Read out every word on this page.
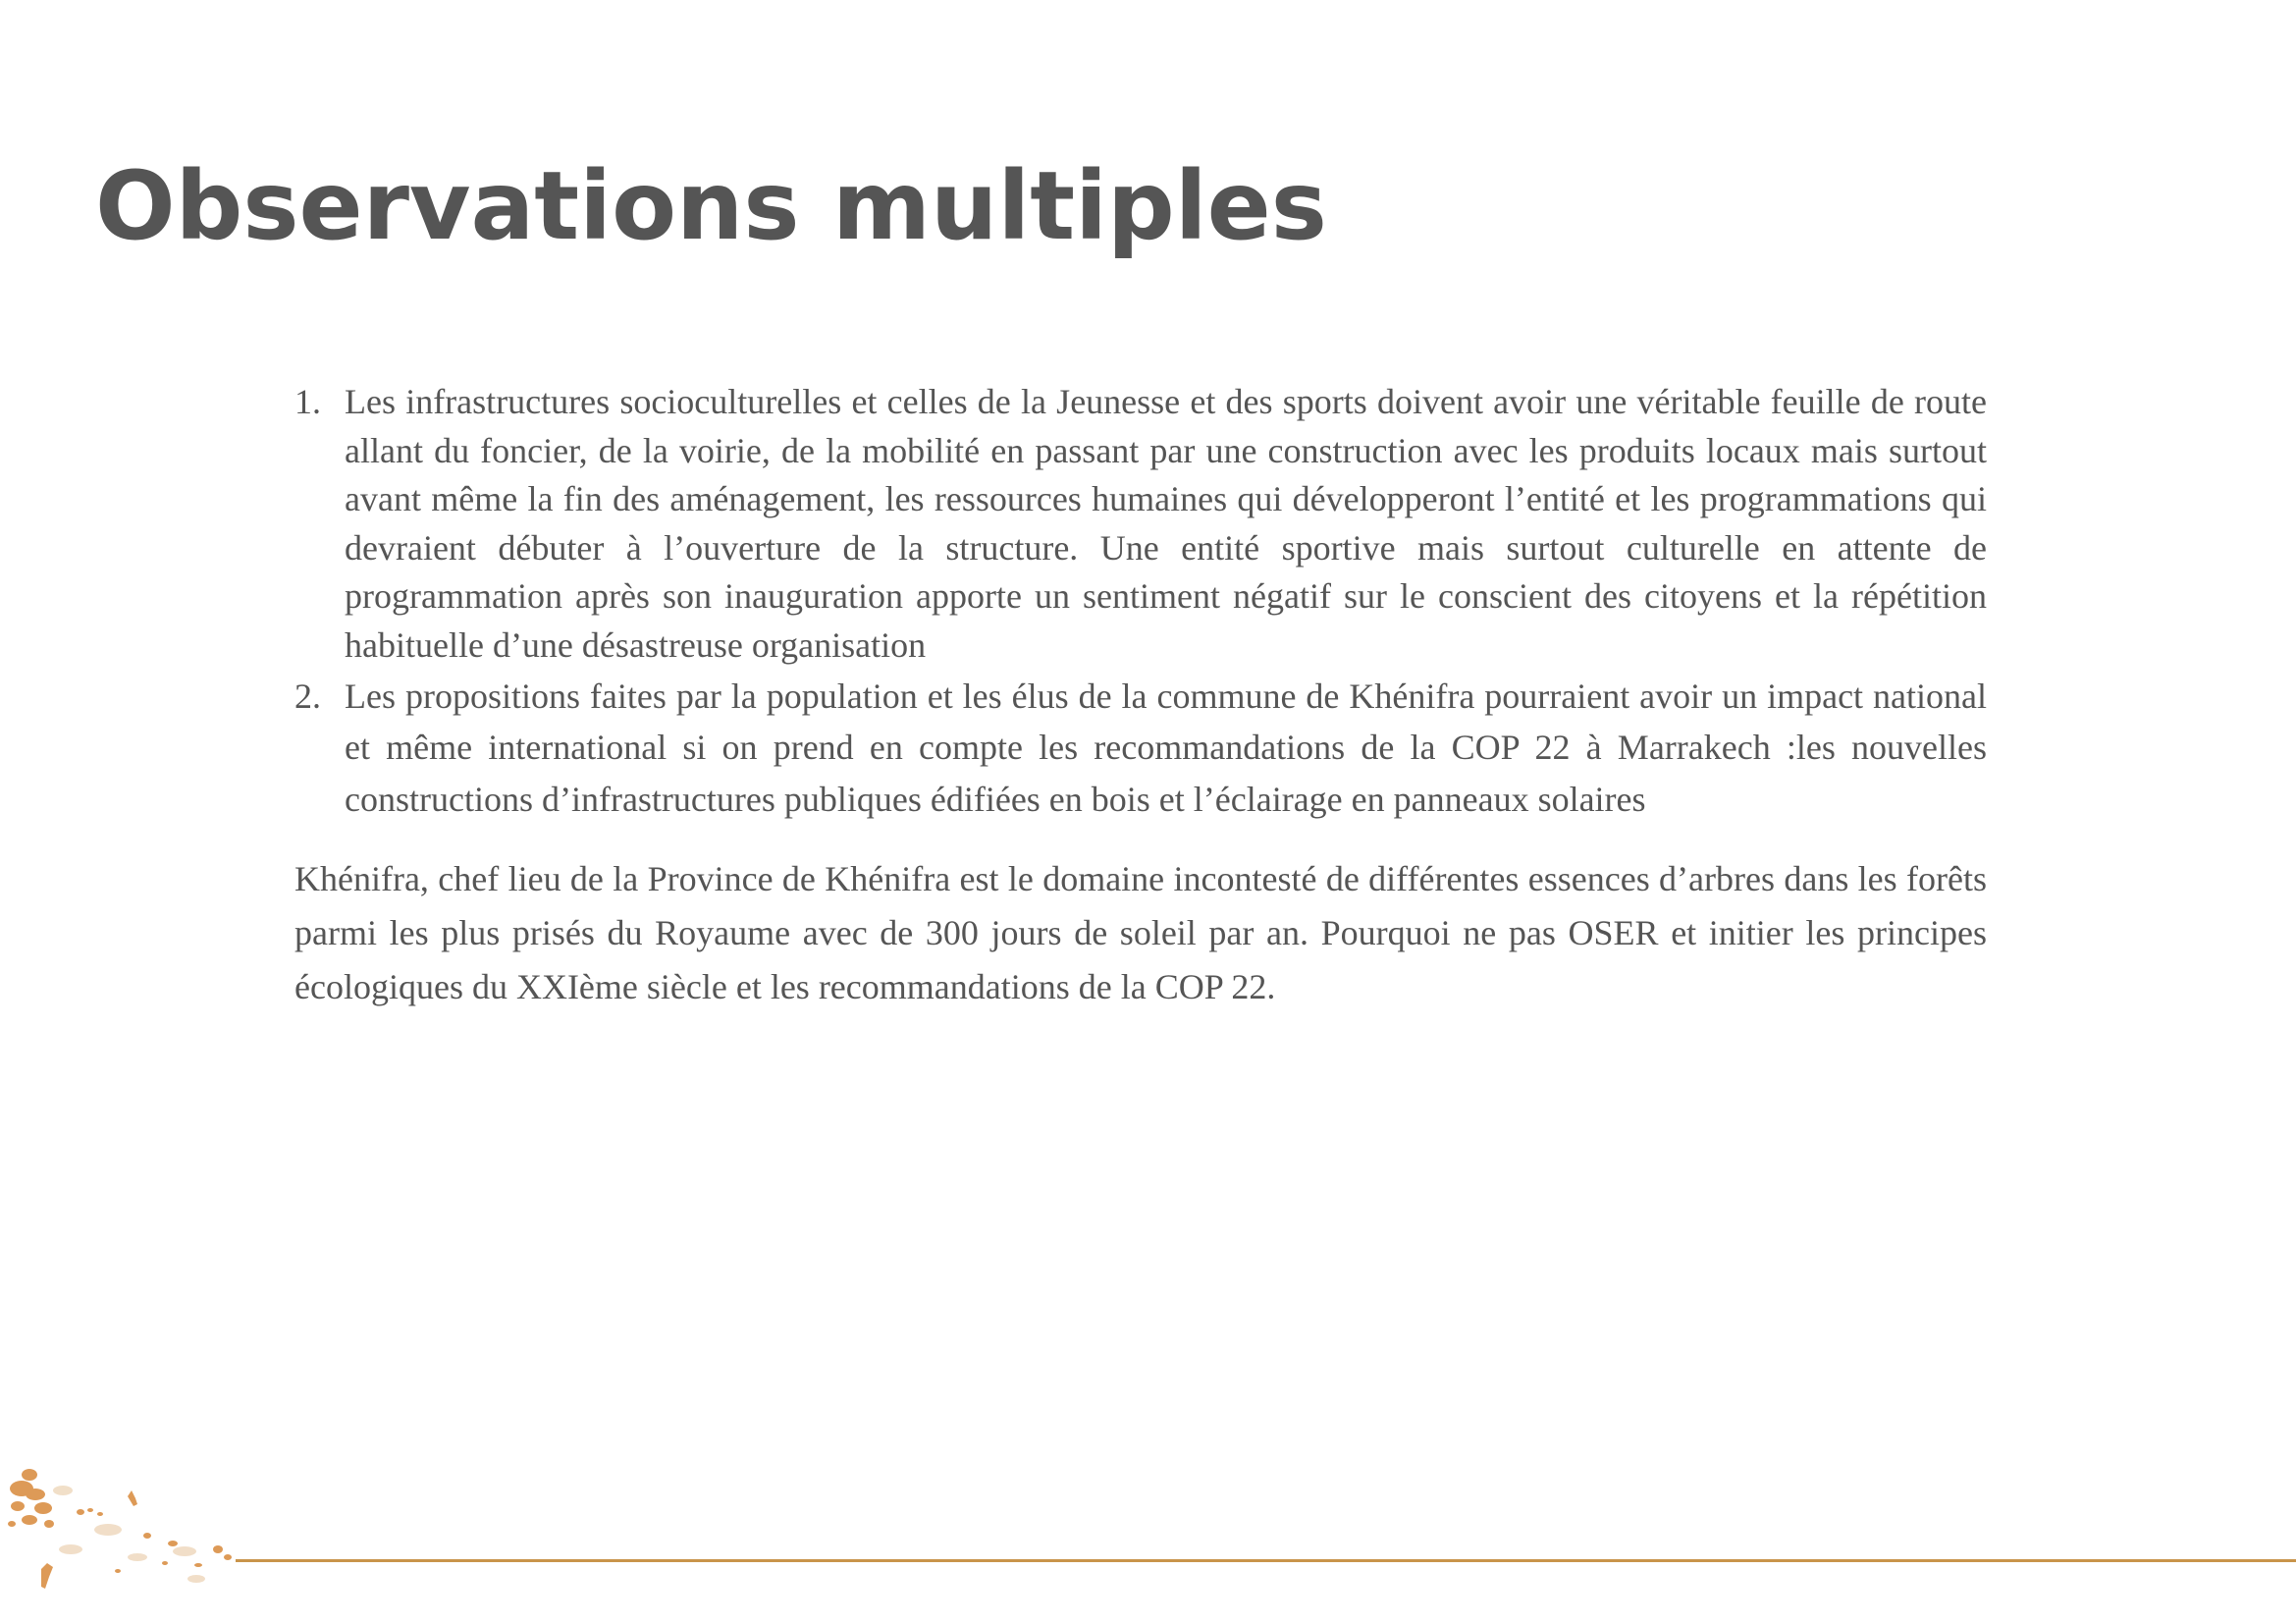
Observations multiples
1. Les infrastructures socioculturelles et celles de la Jeunesse et des sports doivent avoir une véritable feuille de route allant du foncier, de la voirie, de la mobilité en passant par une construction avec les produits locaux mais surtout avant même la fin des aménagement, les ressources humaines qui développeront l’entité et les programmations qui devraient débuter à l’ouverture de la structure. Une entité sportive mais surtout culturelle en attente de programmation après son inauguration apporte un sentiment négatif sur le conscient des citoyens et la répétition habituelle d’une désastreuse organisation
2. Les propositions faites par la population et les élus de la commune de Khénifra pourraient avoir un impact national et même international si on prend en compte les recommandations de la COP 22 à Marrakech :les nouvelles constructions d’infrastructures publiques édifiées en bois et l’éclairage en panneaux solaires

Khénifra, chef lieu de la Province de Khénifra est le domaine incontesté de différentes essences d’arbres dans les forêts parmi les plus prisés du Royaume avec de 300 jours de soleil par an. Pourquoi ne pas OSER et initier les principes écologiques du XXIème siècle et les recommandations de la COP 22.
